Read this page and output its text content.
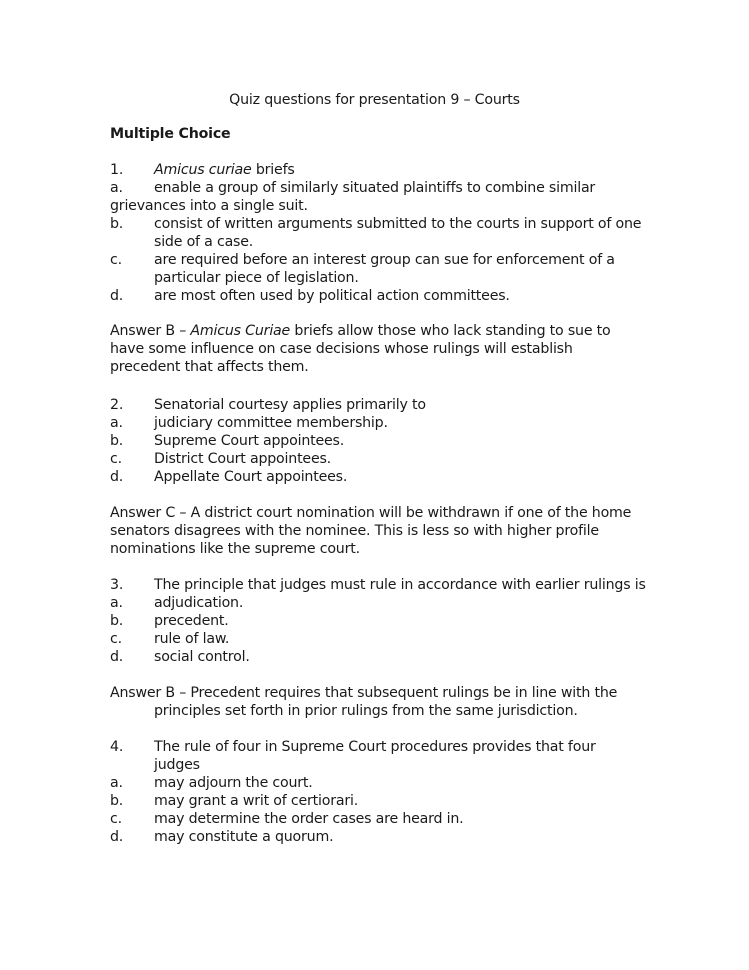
Quiz questions for presentation 9 – Courts
Multiple Choice
1. Amicus curiae briefs
a. enable a group of similarly situated plaintiffs to combine similar
grievances into a single suit.
b. consist of written arguments submitted to the courts in support of one
side of a case.
c. are required before an interest group can sue for enforcement of a
particular piece of legislation.
d. are most often used by political action committees.
Answer B – Amicus Curiae briefs allow those who lack standing to sue to
have some influence on case decisions whose rulings will establish
precedent that affects them.
2. Senatorial courtesy applies primarily to
a. judiciary committee membership.
b. Supreme Court appointees.
c. District Court appointees.
d. Appellate Court appointees.
Answer C – A district court nomination will be withdrawn if one of the home
senators disagrees with the nominee. This is less so with higher profile
nominations like the supreme court.
3. The principle that judges must rule in accordance with earlier rulings is
a. adjudication.
b. precedent.
c. rule of law.
d. social control.
Answer B – Precedent requires that subsequent rulings be in line with the
principles set forth in prior rulings from the same jurisdiction.
4. The rule of four in Supreme Court procedures provides that four
judges
a. may adjourn the court.
b. may grant a writ of certiorari.
c. may determine the order cases are heard in.
d. may constitute a quorum.
